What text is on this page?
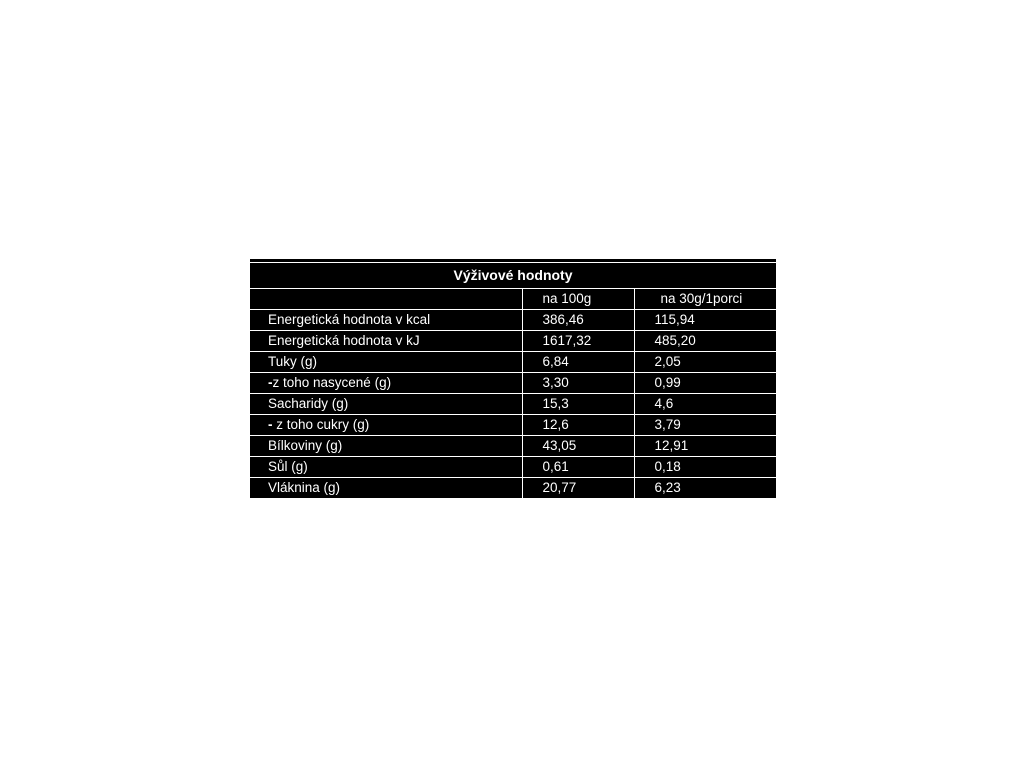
Výživové hodnoty		
	na 100g	na 30g/1porci
Energetická hodnota v kcal	386,46	115,94
Energetická hodnota v kJ	1617,32	485,20
Tuky (g)	6,84	2,05
-z toho nasycené (g)	3,30	0,99
Sacharidy (g)	15,3	4,6
- z toho cukry (g)	12,6	3,79
Bílkoviny (g)	43,05	12,91
Sůl (g)	0,61	0,18
Vláknina (g)	20,77	6,23
